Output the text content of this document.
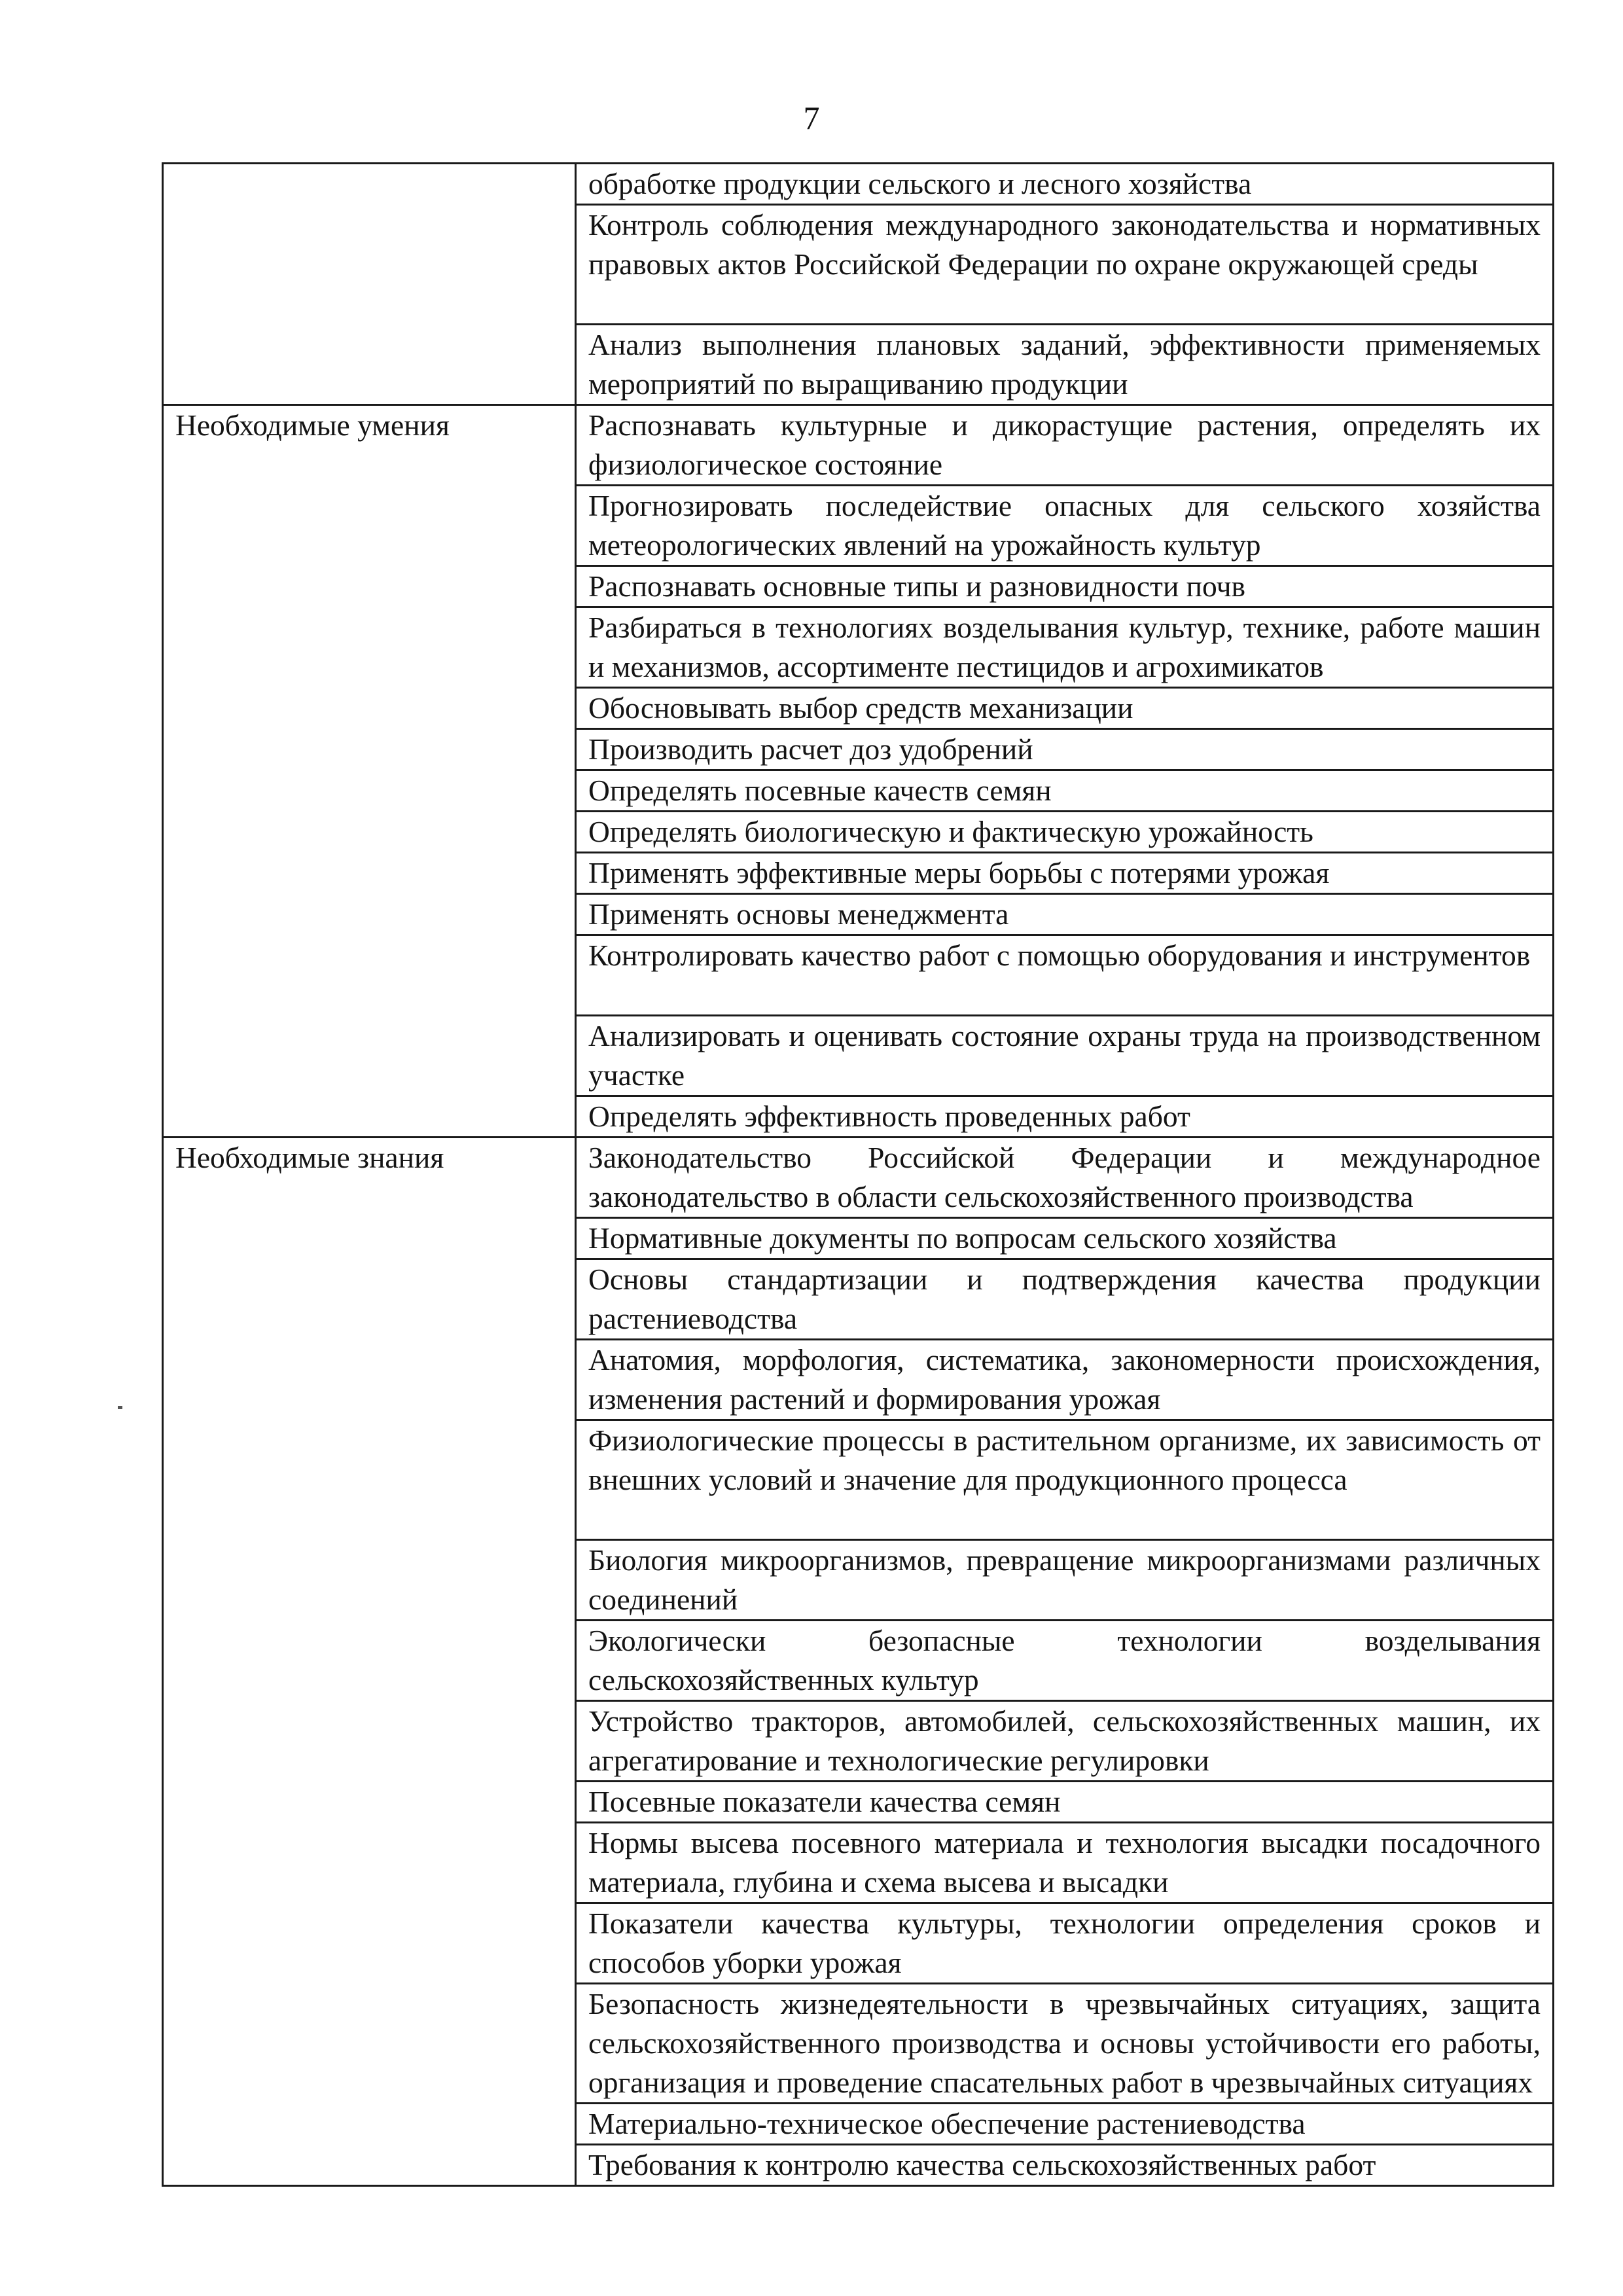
7
	обработке продукции сельского и лесного хозяйства
	Контроль соблюдения международного законодательства и нормативных правовых актов Российской Федерации по охране окружающей среды
	Анализ выполнения плановых заданий, эффективности применяемых мероприятий по выращиванию продукции
Необходимые умения	Распознавать культурные и дикорастущие растения, определять их физиологическое состояние
	Прогнозировать последействие опасных для сельского хозяйства метеорологических явлений на урожайность культур
	Распознавать основные типы и разновидности почв
	Разбираться в технологиях возделывания культур, технике, работе машин и механизмов, ассортименте пестицидов и агрохимикатов
	Обосновывать выбор средств механизации
	Производить расчет доз удобрений
	Определять посевные качеств семян
	Определять биологическую и фактическую урожайность
	Применять эффективные меры борьбы с потерями урожая
	Применять основы менеджмента
	Контролировать качество работ с помощью оборудования и инструментов
	Анализировать и оценивать состояние охраны труда на производственном участке
	Определять эффективность проведенных работ
Необходимые знания	Законодательство Российской Федерации и международное законодательство в области сельскохозяйственного производства
	Нормативные документы по вопросам сельского хозяйства
	Основы стандартизации и подтверждения качества продукции растениеводства
	Анатомия, морфология, систематика, закономерности происхождения, изменения растений и формирования урожая
	Физиологические процессы в растительном организме, их зависимость от внешних условий и значение для продукционного процесса
	Биология микроорганизмов, превращение микроорганизмами различных соединений
	Экологически безопасные технологии возделывания сельскохозяйственных культур
	Устройство тракторов, автомобилей, сельскохозяйственных машин, их агрегатирование и технологические регулировки
	Посевные показатели качества семян
	Нормы высева посевного материала и технология высадки посадочного материала, глубина и схема высева и высадки
	Показатели качества культуры, технологии определения сроков и способов уборки урожая
	Безопасность жизнедеятельности в чрезвычайных ситуациях, защита сельскохозяйственного производства и основы устойчивости его работы, организация и проведение спасательных работ в чрезвычайных ситуациях
	Материально-техническое обеспечение растениеводства
	Требования к контролю качества сельскохозяйственных работ
